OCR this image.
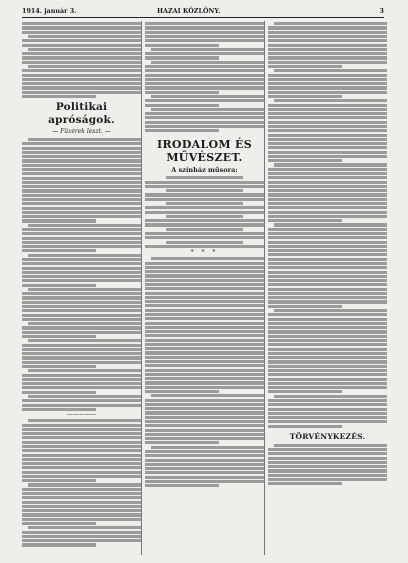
1914. január 3.	HAZAI KÖZLÖNY.	3
Politikai apróságok.
— Füzérek leszt. —
—————
IRODALOM ÉS MŰVÉSZET.
A színház műsora:
* * *
TÖRVÉNYKEZÉS.
